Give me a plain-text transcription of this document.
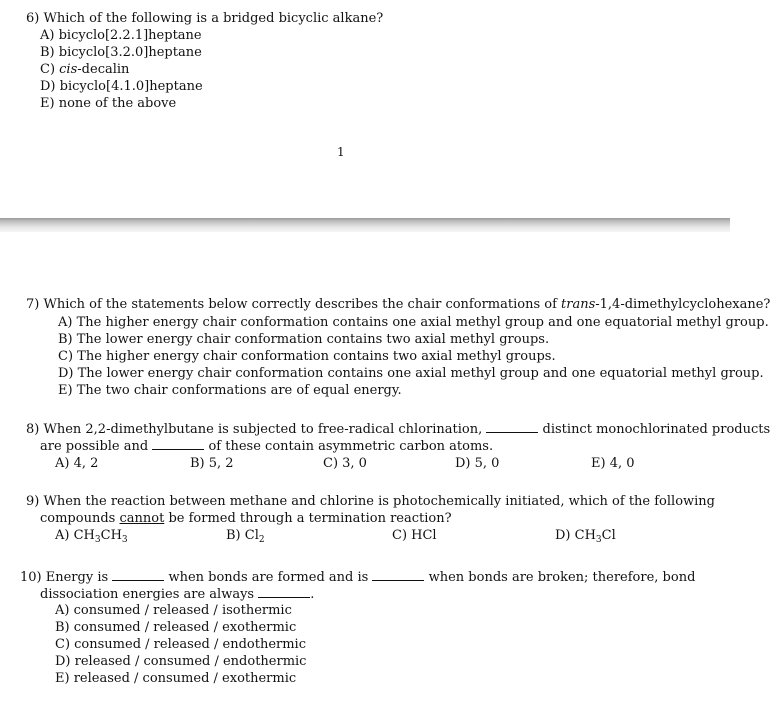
6) Which of the following is a bridged bicyclic alkane?
A) bicyclo[2.2.1]heptane
B) bicyclo[3.2.0]heptane
C) cis-decalin
D) bicyclo[4.1.0]heptane
E) none of the above
1
7) Which of the statements below correctly describes the chair conformations of trans-1,4-dimethylcyclohexane?
A) The higher energy chair conformation contains one axial methyl group and one equatorial methyl group.
B) The lower energy chair conformation contains two axial methyl groups.
C) The higher energy chair conformation contains two axial methyl groups.
D) The lower energy chair conformation contains one axial methyl group and one equatorial methyl group.
E) The two chair conformations are of equal energy.
8) When 2,2-dimethylbutane is subjected to free-radical chlorination,	distinct monochlorinated products
are possible and	of these contain asymmetric carbon atoms.
A) 4, 2	B) 5, 2	C) 3, 0	D) 5, 0	E) 4, 0
9) When the reaction between methane and chlorine is photochemically initiated, which of the following
compounds cannot be formed through a termination reaction?
A) $CH_3CH_3$	B) $Cl_2$	C) HCl	D) $CH_3Cl$
10) Energy is	when bonds are formed and is	when bonds are broken; therefore, bond
dissociation energies are always	.
A) consumed / released / isothermic
B) consumed / released / exothermic
C) consumed / released / endothermic
D) released / consumed / endothermic
E) released / consumed / exothermic
